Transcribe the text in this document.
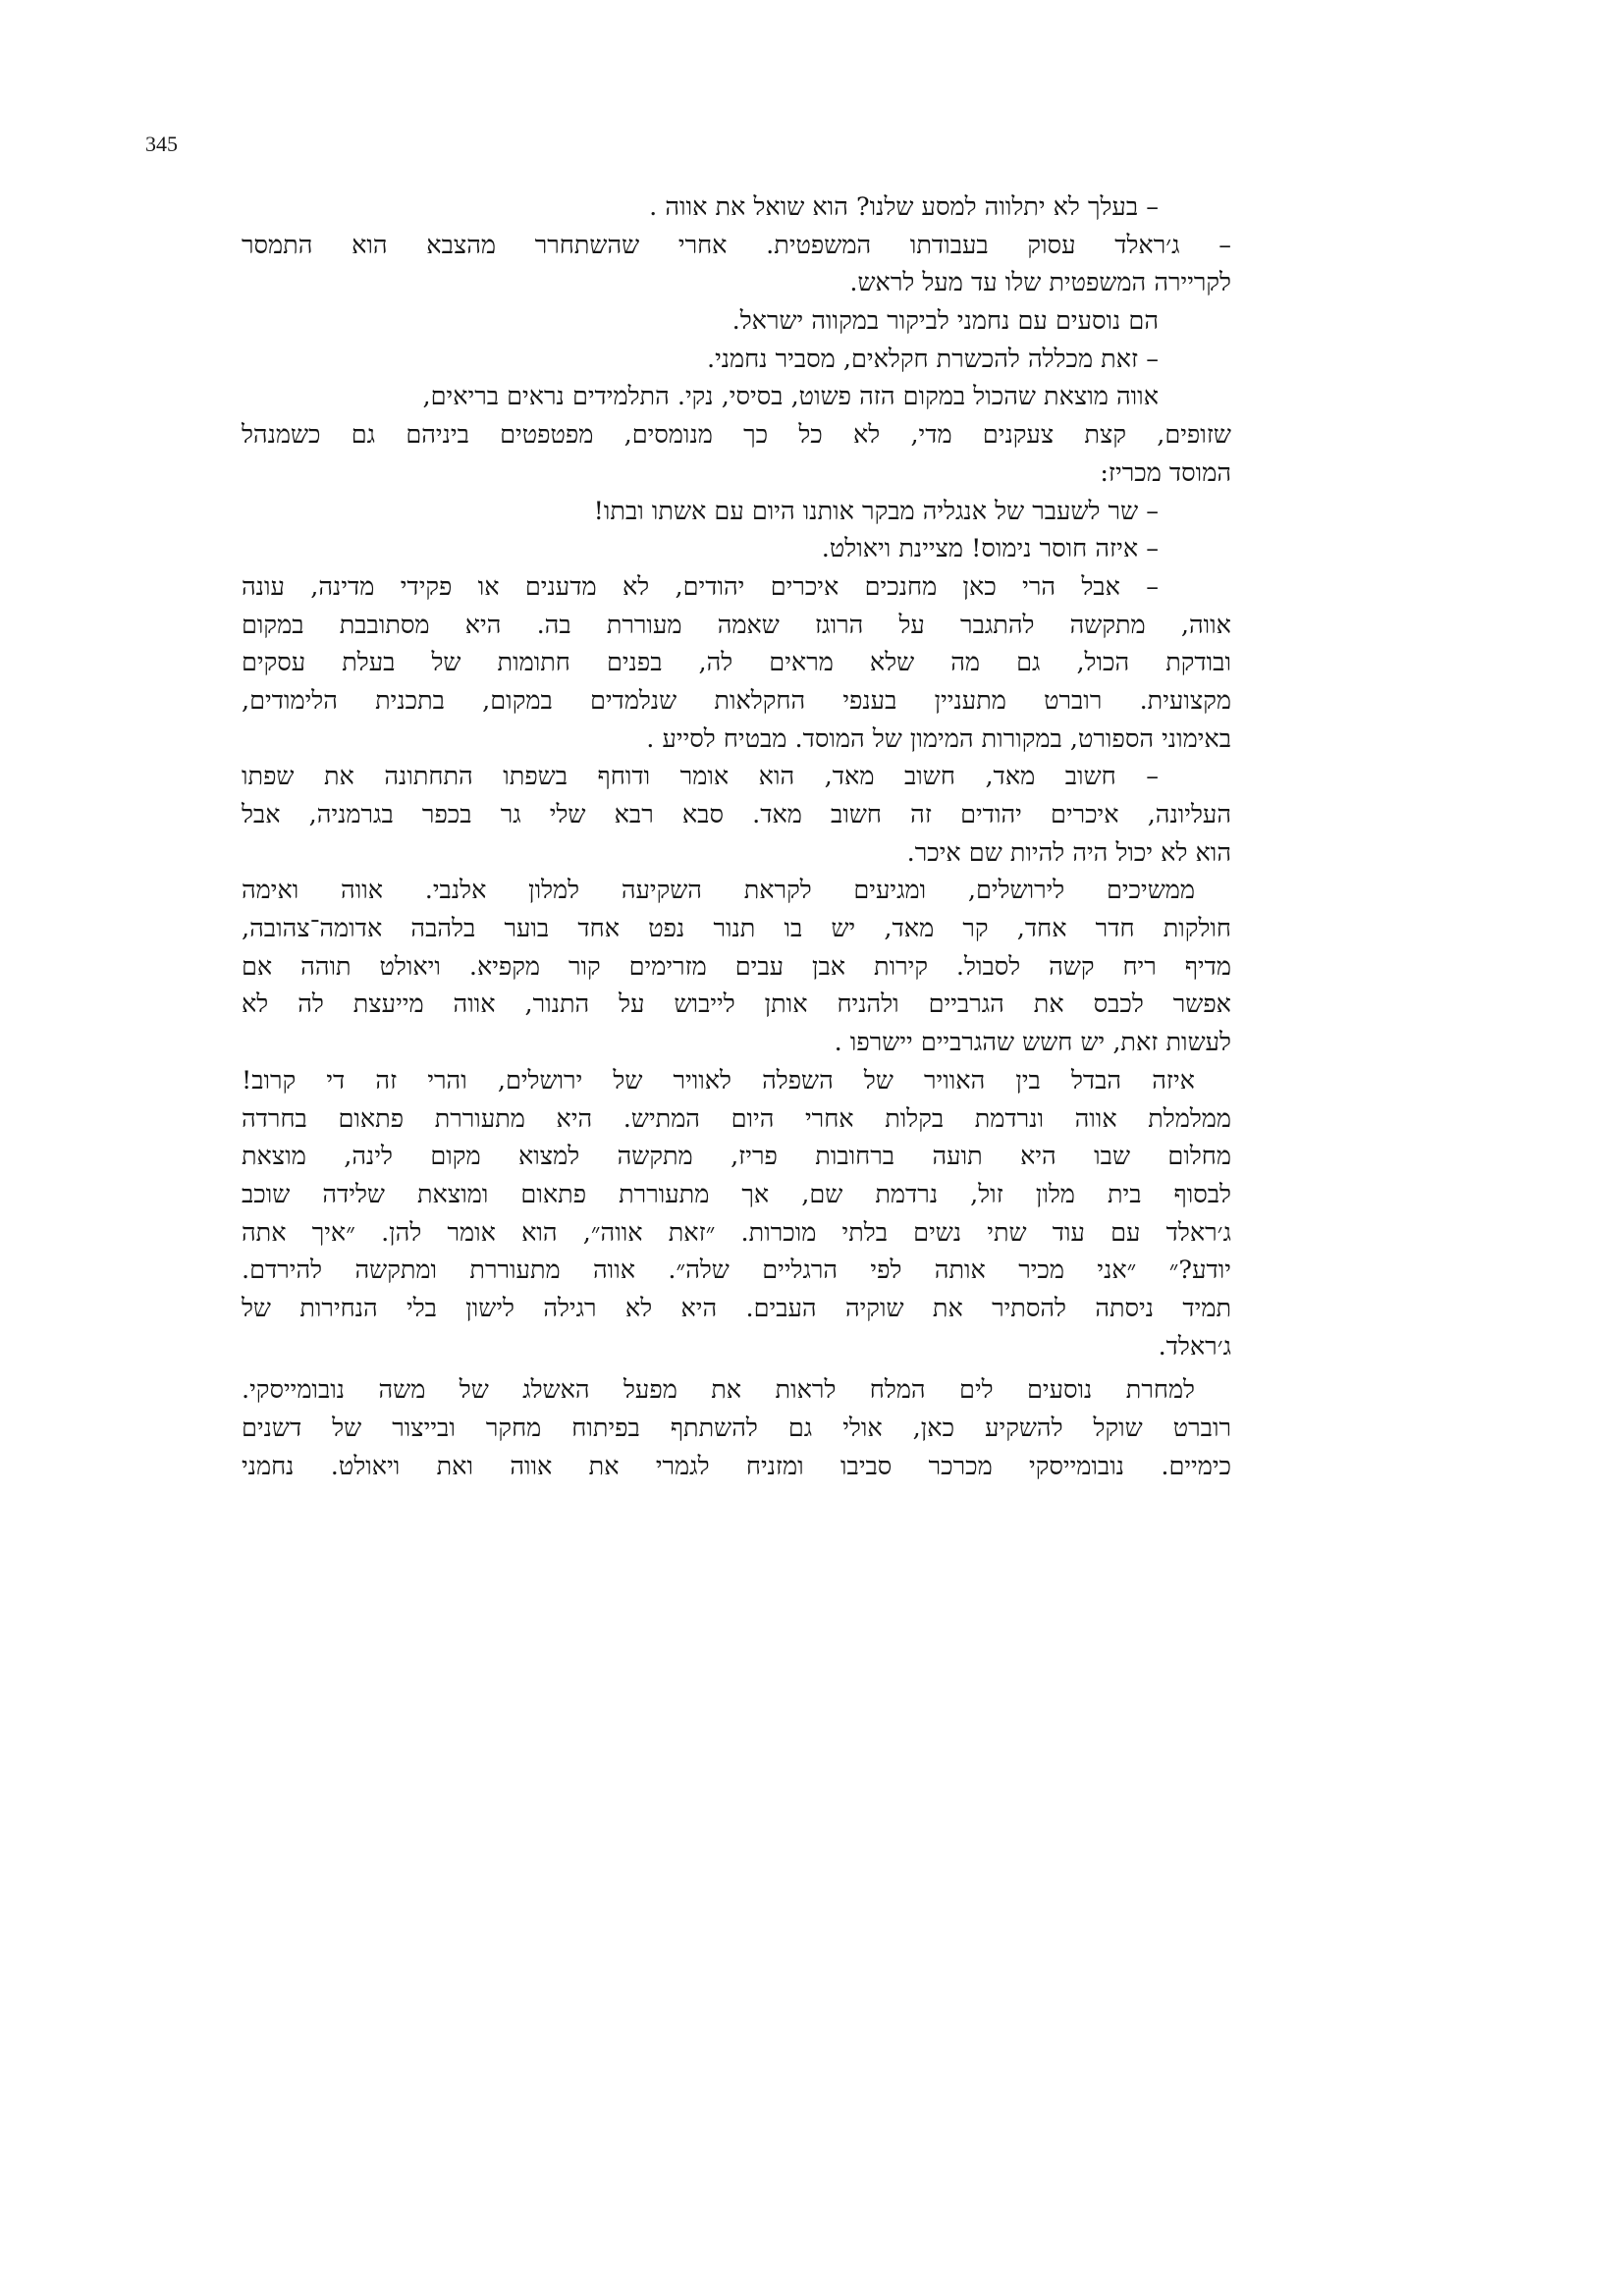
345
– בעלך לא יתלווה למסע שלנו? הוא שואל את אווה .
– ג׳ראלד עסוק בעבודתו המשפטית. אחרי שהשתחרר מהצבא הוא התמסר
לקריירה המשפטית שלו עד מעל לראש.
הם נוסעים עם נחמני לביקור במקווה ישראל.
– זאת מכללה להכשרת חקלאים, מסביר נחמני.
אווה מוצאת שהכול במקום הזה פשוט, בסיסי, נקי. התלמידים נראים בריאים,
שזופים, קצת צעקנים מדי, לא כל כך מנומסים, מפטפטים ביניהם גם כשמנהל
המוסד מכריז:
– שר לשעבר של אנגליה מבקר אותנו היום עם אשתו ובתו!
– איזה חוסר נימוס! מציינת ויאולט.
– אבל הרי כאן מחנכים איכרים יהודים, לא מדענים או פקידי מדינה, עונה
אווה, מתקשה להתגבר על הרוגז שאמה מעוררת בה. היא מסתובבת במקום
ובודקת הכול, גם מה שלא מראים לה, בפנים חתומות של בעלת עסקים
מקצועית. רוברט מתעניין בענפי החקלאות שנלמדים במקום, בתכנית הלימודים,
באימוני הספורט, במקורות המימון של המוסד. מבטיח לסייע .
– חשוב מאד, חשוב מאד, הוא אומר ודוחף בשפתו התחתונה את שפתו
העליונה, איכרים יהודים זה חשוב מאד. סבא רבא שלי גר בכפר בגרמניה, אבל
הוא לא יכול היה להיות שם איכר.
ממשיכים לירושלים, ומגיעים לקראת השקיעה למלון אלנבי. אווה ואימה
חולקות חדר אחד, קר מאד, יש בו תנור נפט אחד בוער בלהבה אדומה־צהובה,
מדיף ריח קשה לסבול. קירות אבן עבים מזרימים קור מקפיא. ויאולט תוהה אם
אפשר לכבס את הגרביים ולהניח אותן לייבוש על התנור, אווה מייעצת לה לא
לעשות זאת, יש חשש שהגרביים יישרפו .
איזה הבדל בין האוויר של השפלה לאוויר של ירושלים, והרי זה די קרוב!
ממלמלת אווה ונרדמת בקלות אחרי היום המתיש. היא מתעוררת פתאום בחרדה
מחלום שבו היא תועה ברחובות פריז, מתקשה למצוא מקום לינה, מוצאת
לבסוף בית מלון זול, נרדמת שם, אך מתעוררת פתאום ומוצאת שלידה שוכב
ג׳ראלד עם עוד שתי נשים בלתי מוכרות. ״זאת אווה״, הוא אומר להן. ״איך אתה
יודע?״ ״אני מכיר אותה לפי הרגליים שלה״. אווה מתעוררת ומתקשה להירדם.
תמיד ניסתה להסתיר את שוקיה העבים. היא לא רגילה לישון בלי הנחירות של
ג׳ראלד.
למחרת נוסעים לים המלח לראות את מפעל האשלג של משה נובומייסקי.
רוברט שוקל להשקיע כאן, אולי גם להשתתף בפיתוח מחקר ובייצור של דשנים
כימיים. נובומייסקי מכרכר סביבו ומזניח לגמרי את אווה ואת ויאולט. נחמני
